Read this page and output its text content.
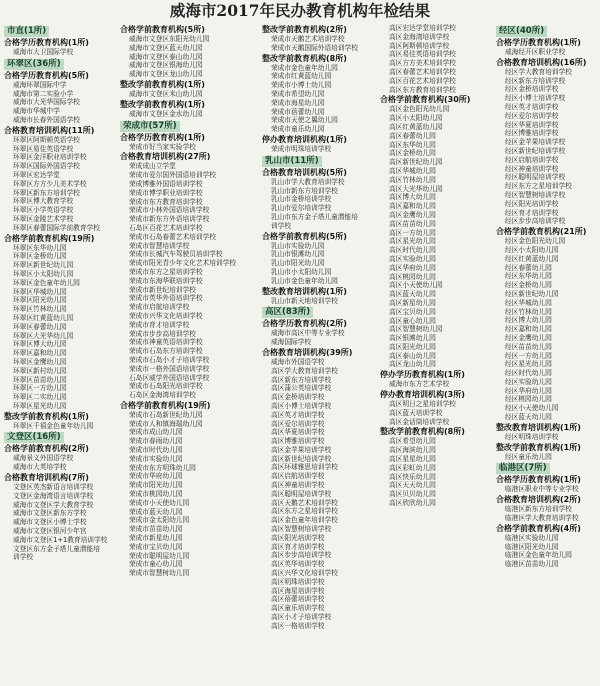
威海市2017年民办教育机构年检结果
市直(1所)
合格学历教育机构(1所)
威海市大卫国际学校
环翠区(36所)
合格学历教育机构(5所)
威海环翠国际中学
威海市第二实验小学
威海市大光华国际学校
威海市华城中学
威海市长春外国语学校
合格教育培训机构(11所)
环翠区阿斯顿英语学校
环翠区易佳英语学校
环翠区金洋职业培训学校
环翠区国际外国语学校
环翠区宏达学堂
环翠区方方少儿美术学校
环翠区新东方培训学校
环翠区博大教育学校
环翠区小学英语学校
环翠区金陵艺术学校
环翠区春蕾国际学前教育学校
合格学前教育机构(19所)
环翠区东华幼儿园
环翠区金桥幼儿园
环翠区新世纪幼儿园
环翠区小太阳幼儿园
环翠区金色童年幼儿园
环翠区华城幼儿园
环翠区阳光幼儿园
环翠区竹林幼儿园
环翠区红黄蓝幼儿园
环翠区春蕾幼儿园
环翠区大光华幼儿园
环翠区博大幼儿园
环翠区嘉和幼儿园
环翠区金鹰幼儿园
环翠区新村幼儿园
环翠区苗苗幼儿园
环翠区一方幼儿园
环翠区二实幼儿园
环翠区星光幼儿园
整改学前教育机构(1所)
环翠区千禧金色童年幼儿园
文登区(16所)
合格学前教育机构(2所)
威海景义外国语学校
威海市大英培学校
合格教育培训机构(7所)
文登区英杰新语言培训学校
文登区金海湾语言培训学校
威海市文登区学大教育学校
威海市文登区新东方学校
威海市文登区小博士学校
威海市文登区银河少年宫
威海市文登区1+1教育培训学校
文登区东方金子塔儿童潜能培
训学校
合格学前教育机构(5所)
威海市文登区东阳光幼儿园
威海市文登区蓝天幼儿园
威海市文登区泰山幼儿园
威海市文登区银海幼儿园
威海市文登区龙山幼儿园
整改学前教育机构(1所)
威海市文登区米山幼儿园
整改学前教育机构(1所)
威海市文登区金水幼儿园
荣成市(57所)
合格学历教育机构(1所)
荣成市好当家实验学校
合格教育培训机构(27所)
荣成成山立学堂
荣成市爱尔国外国语培训学校
荣成博雅外国语培训学校
荣成市博学职业培训学校
荣成市东方教育培训学校
荣成市小林外国语培训学校
荣成市新东方外语培训学校
石岛区百花艺术培训学校
荣成市石岛春蕾艺术培训学校
荣成市智慧培训学校
荣成市长城汽车驾驶员培训学校
荣成市阳光青少年文化艺术培训学校
荣成市东方之星培训学校
荣成市东海华联培训学校
荣成市新世纪培训学校
荣成市英华外语培训学校
荣成市启航培训学校
荣成市兴华文化培训学校
荣成市育才培训学校
荣成市步步高培训学校
荣成市神童英语培训学校
荣成市石岛东方培训学校
荣成市石岛小才子培训学校
荣成市一格外国语培训学校
石岛区威学外国语培训学校
荣成市石岛阳光培训学校
石岛区金海湾培训学校
合格学前教育机构(19所)
荣成市石岛新世纪幼儿园
荣成市人和镇海瑞幼儿园
荣成市成山幼儿园
荣成市春雨幼儿园
荣成市时代幼儿园
荣成市实验幼儿园
荣成市东方明珠幼儿园
荣成市华府幼儿园
荣成市阳光幼儿园
荣成市桃园幼儿园
荣成市小天使幼儿园
荣成市蓝天幼儿园
荣成市金太阳幼儿园
荣成市苗苗幼儿园
荣成市新星幼儿园
荣成市宝贝幼儿园
荣成市聪明屋幼儿园
荣成市童心幼儿园
荣成市智慧树幼儿园
整改学前教育机构(2所)
荣成市天鹅艺术培训学校
荣成市天鹅国际外语培训学校
整改学前教育机构(8所)
荣成市金色童年幼儿园
荣成市红黄蓝幼儿园
荣成市小博士幼儿园
荣成市希望幼儿园
荣成市海星幼儿园
荣成市蓓蕾幼儿园
荣成市天使之翼幼儿园
荣成市童乐幼儿园
停办教育培训机构(1所)
荣成市明珠培训学校
乳山市(11所)
合格教育培训机构(5所)
乳山市学大教育培训学校
乳山市新东方培训学校
乳山市金桥培训学校
乳山市爱尔培训学校
乳山市东方金子塔儿童潜能培
训学校
合格学前教育机构(5所)
乳山市实验幼儿园
乳山市银滩幼儿园
乳山市阳光幼儿园
乳山市小太阳幼儿园
乳山市金色童年幼儿园
整改教育培训机构(1所)
乳山市新天地培训学校
高区(83所)
合格学历教育机构(2所)
威海市高区中等专业学校
威海国际学校
合格教育培训机构(39所)
威海市外国语学校
高区学大教育培训学校
高区新东方培训学校
高区蒲公英培训学校
高区金桥培训学校
高区小博士培训学校
高区英才培训学校
高区爱尔培训学校
高区华夏培训学校
高区博雅培训学校
高区金苹果培训学校
高区新世纪培训学校
高区环球雅思培训学校
高区启航培训学校
高区神童培训学校
高区聪明屋培训学校
高区天鹅艺术培训学校
高区东方之星培训学校
高区金色童年培训学校
高区智慧树培训学校
高区阳光培训学校
高区育才培训学校
高区步步高培训学校
高区英华培训学校
高区兴华文化培训学校
高区明珠培训学校
高区海星培训学校
高区蓓蕾培训学校
高区童乐培训学校
高区小才子培训学校
高区一格培训学校
高区宏达学堂培训学校
高区金海湾培训学校
高区阿斯顿培训学校
高区易佳英语培训学校
高区方方美术培训学校
高区春蕾艺术培训学校
高区百花艺术培训学校
高区东方教育培训学校
合格学前教育机构(30所)
高区金色阳光幼儿园
高区小太阳幼儿园
高区红黄蓝幼儿园
高区春蕾幼儿园
高区东华幼儿园
高区金桥幼儿园
高区新世纪幼儿园
高区华城幼儿园
高区竹林幼儿园
高区大光华幼儿园
高区博大幼儿园
高区嘉和幼儿园
高区金鹰幼儿园
高区苗苗幼儿园
高区一方幼儿园
高区星光幼儿园
高区时代幼儿园
高区实验幼儿园
高区华府幼儿园
高区桃园幼儿园
高区小天使幼儿园
高区蓝天幼儿园
高区新星幼儿园
高区宝贝幼儿园
高区童心幼儿园
高区智慧树幼儿园
高区银滩幼儿园
高区阳光幼儿园
高区泰山幼儿园
高区龙山幼儿园
停办学历教育机构(1所)
威海市东方艺术学校
停办教育培训机构(3所)
高区明日之星培训学校
高区蓝天培训学校
高区金话筒培训学校
整改学前教育机构(8所)
高区希望幼儿园
高区海滨幼儿园
高区星星幼儿园
高区彩虹幼儿园
高区快乐幼儿园
高区天天幼儿园
高区贝贝幼儿园
高区欣欣幼儿园
经区(40所)
合格学历教育机构(1所)
威海经开区职业学校
合格教育培训机构(16所)
经区学大教育培训学校
经区新东方培训学校
经区金桥培训学校
经区小博士培训学校
经区英才培训学校
经区爱尔培训学校
经区华夏培训学校
经区博雅培训学校
经区金苹果培训学校
经区新世纪培训学校
经区启航培训学校
经区神童培训学校
经区聪明屋培训学校
经区东方之星培训学校
经区智慧树培训学校
经区阳光培训学校
经区育才培训学校
经区步步高培训学校
合格学前教育机构(21所)
经区金色阳光幼儿园
经区小太阳幼儿园
经区红黄蓝幼儿园
经区春蕾幼儿园
经区东华幼儿园
经区金桥幼儿园
经区新世纪幼儿园
经区华城幼儿园
经区竹林幼儿园
经区博大幼儿园
经区嘉和幼儿园
经区金鹰幼儿园
经区苗苗幼儿园
经区一方幼儿园
经区星光幼儿园
经区时代幼儿园
经区实验幼儿园
经区华府幼儿园
经区桃园幼儿园
经区小天使幼儿园
经区蓝天幼儿园
整改教育培训机构(1所)
经区明珠培训学校
整改学前教育机构(1所)
经区童乐幼儿园
临港区(7所)
合格学历教育机构(1所)
临港区职业中等专业学校
合格教育培训机构(2所)
临港区新东方培训学校
临港区学大教育培训学校
合格学前教育机构(4所)
临港区实验幼儿园
临港区阳光幼儿园
临港区金色童年幼儿园
临港区苗苗幼儿园
